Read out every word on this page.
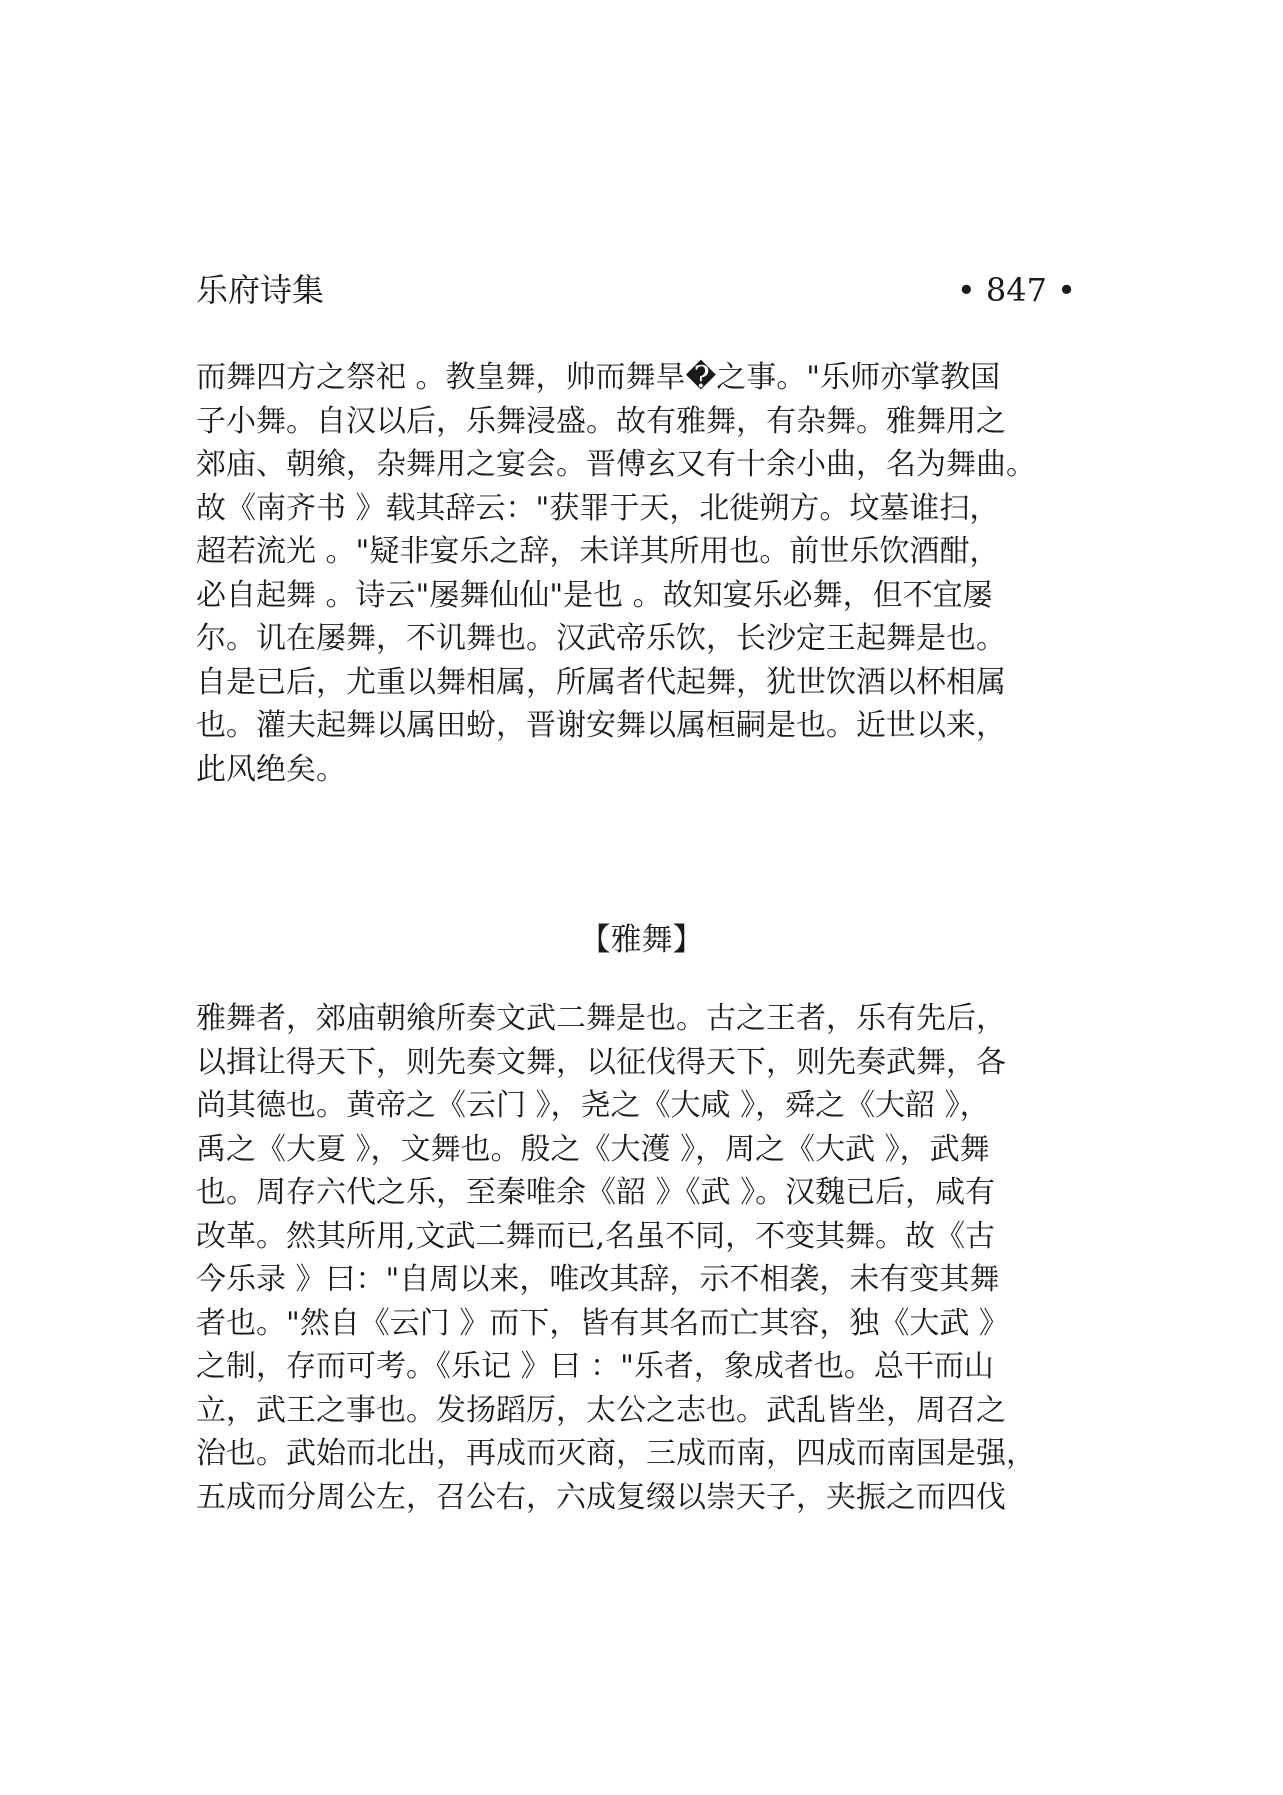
乐府诗集	• 847 •
而舞四方之祭祀 。教皇舞，帅而舞旱�之事。"乐师亦掌教国
子小舞。自汉以后，乐舞浸盛。故有雅舞，有杂舞。雅舞用之
郊庙、朝飨，杂舞用之宴会。晋傅玄又有十余小曲，名为舞曲。
故《南齐书 》载其辞云："获罪于天，北徙朔方。坟墓谁扫，
超若流光 。"疑非宴乐之辞，未详其所用也。前世乐饮酒酣，
必自起舞 。诗云"屡舞仙仙"是也 。故知宴乐必舞，但不宜屡
尔。讥在屡舞，不讥舞也。汉武帝乐饮，长沙定王起舞是也。
自是已后，尤重以舞相属，所属者代起舞，犹世饮酒以杯相属
也。灌夫起舞以属田蚡，晋谢安舞以属桓嗣是也。近世以来，
此风绝矣。
【雅舞】
雅舞者，郊庙朝飨所奏文武二舞是也。古之王者，乐有先后，
以揖让得天下，则先奏文舞，以征伐得天下，则先奏武舞，各
尚其德也。黄帝之《云门 》，尧之《大咸 》，舜之《大韶 》，
禹之《大夏 》，文舞也。殷之《大濩 》，周之《大武 》，武舞
也。周存六代之乐，至秦唯余《韶 》《武 》。汉魏已后，咸有
改革。然其所用,文武二舞而已,名虽不同，不变其舞。故《古
今乐录 》曰："自周以来，唯改其辞，示不相袭，未有变其舞
者也。"然自《云门 》而下，皆有其名而亡其容，独《大武 》
之制，存而可考。《乐记 》曰 ："乐者，象成者也。总干而山
立，武王之事也。发扬蹈厉，太公之志也。武乱皆坐，周召之
治也。武始而北出，再成而灭商，三成而南，四成而南国是强，
五成而分周公左，召公右，六成复缀以崇天子，夹振之而四伐
